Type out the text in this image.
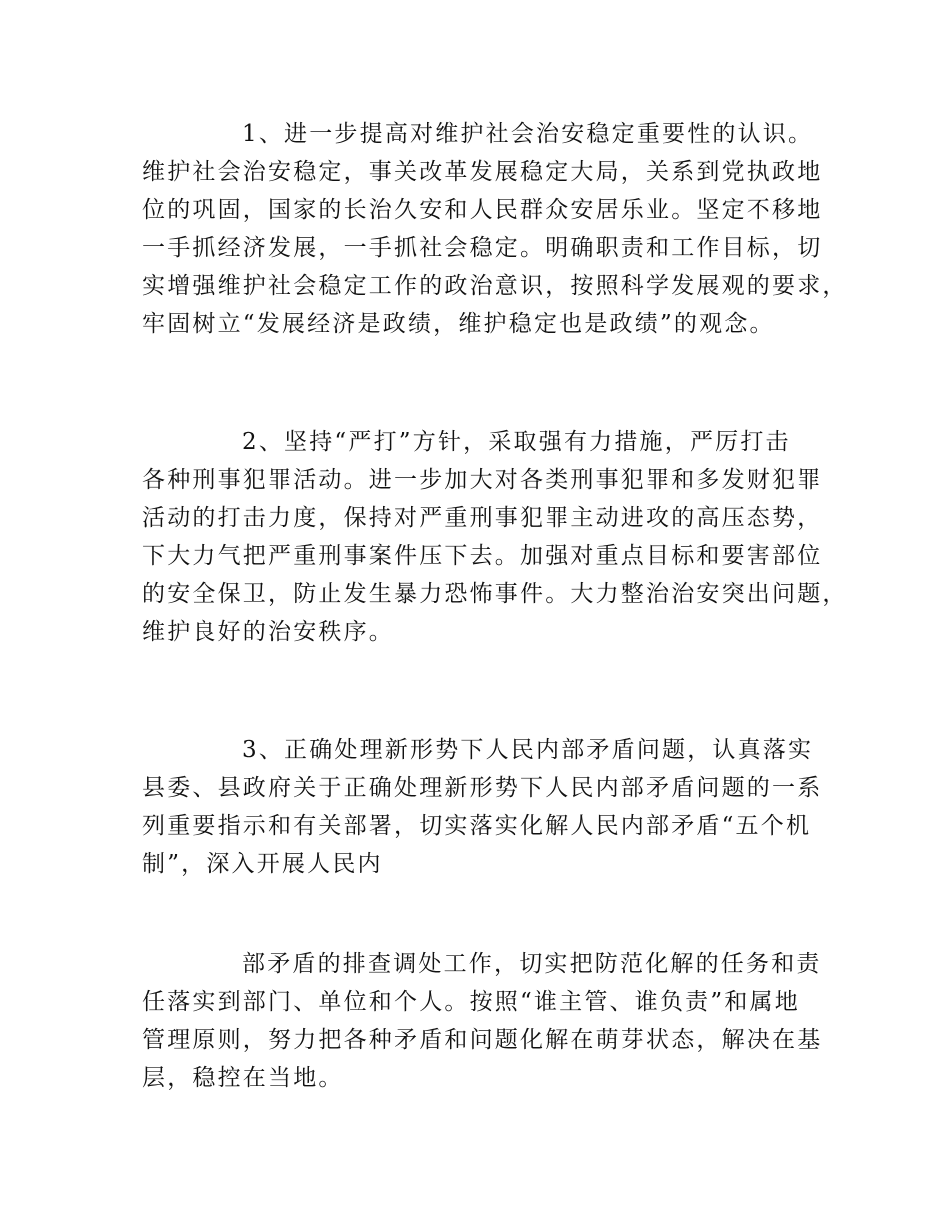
1、进一步提高对维护社会治安稳定重要性的认识。
维护社会治安稳定，事关改革发展稳定大局，关系到党执政地
位的巩固，国家的长治久安和人民群众安居乐业。坚定不移地
一手抓经济发展，一手抓社会稳定。明确职责和工作目标，切
实增强维护社会稳定工作的政治意识，按照科学发展观的要求，
牢固树立“发展经济是政绩，维护稳定也是政绩”的观念。
2、坚持“严打”方针，采取强有力措施，严厉打击
各种刑事犯罪活动。进一步加大对各类刑事犯罪和多发财犯罪
活动的打击力度，保持对严重刑事犯罪主动进攻的高压态势，
下大力气把严重刑事案件压下去。加强对重点目标和要害部位
的安全保卫，防止发生暴力恐怖事件。大力整治治安突出问题，
维护良好的治安秩序。
3、正确处理新形势下人民内部矛盾问题，认真落实
县委、县政府关于正确处理新形势下人民内部矛盾问题的一系
列重要指示和有关部署，切实落实化解人民内部矛盾“五个机
制”，深入开展人民内
部矛盾的排查调处工作，切实把防范化解的任务和责
任落实到部门、单位和个人。按照“谁主管、谁负责”和属地
管理原则，努力把各种矛盾和问题化解在萌芽状态，解决在基
层，稳控在当地。
